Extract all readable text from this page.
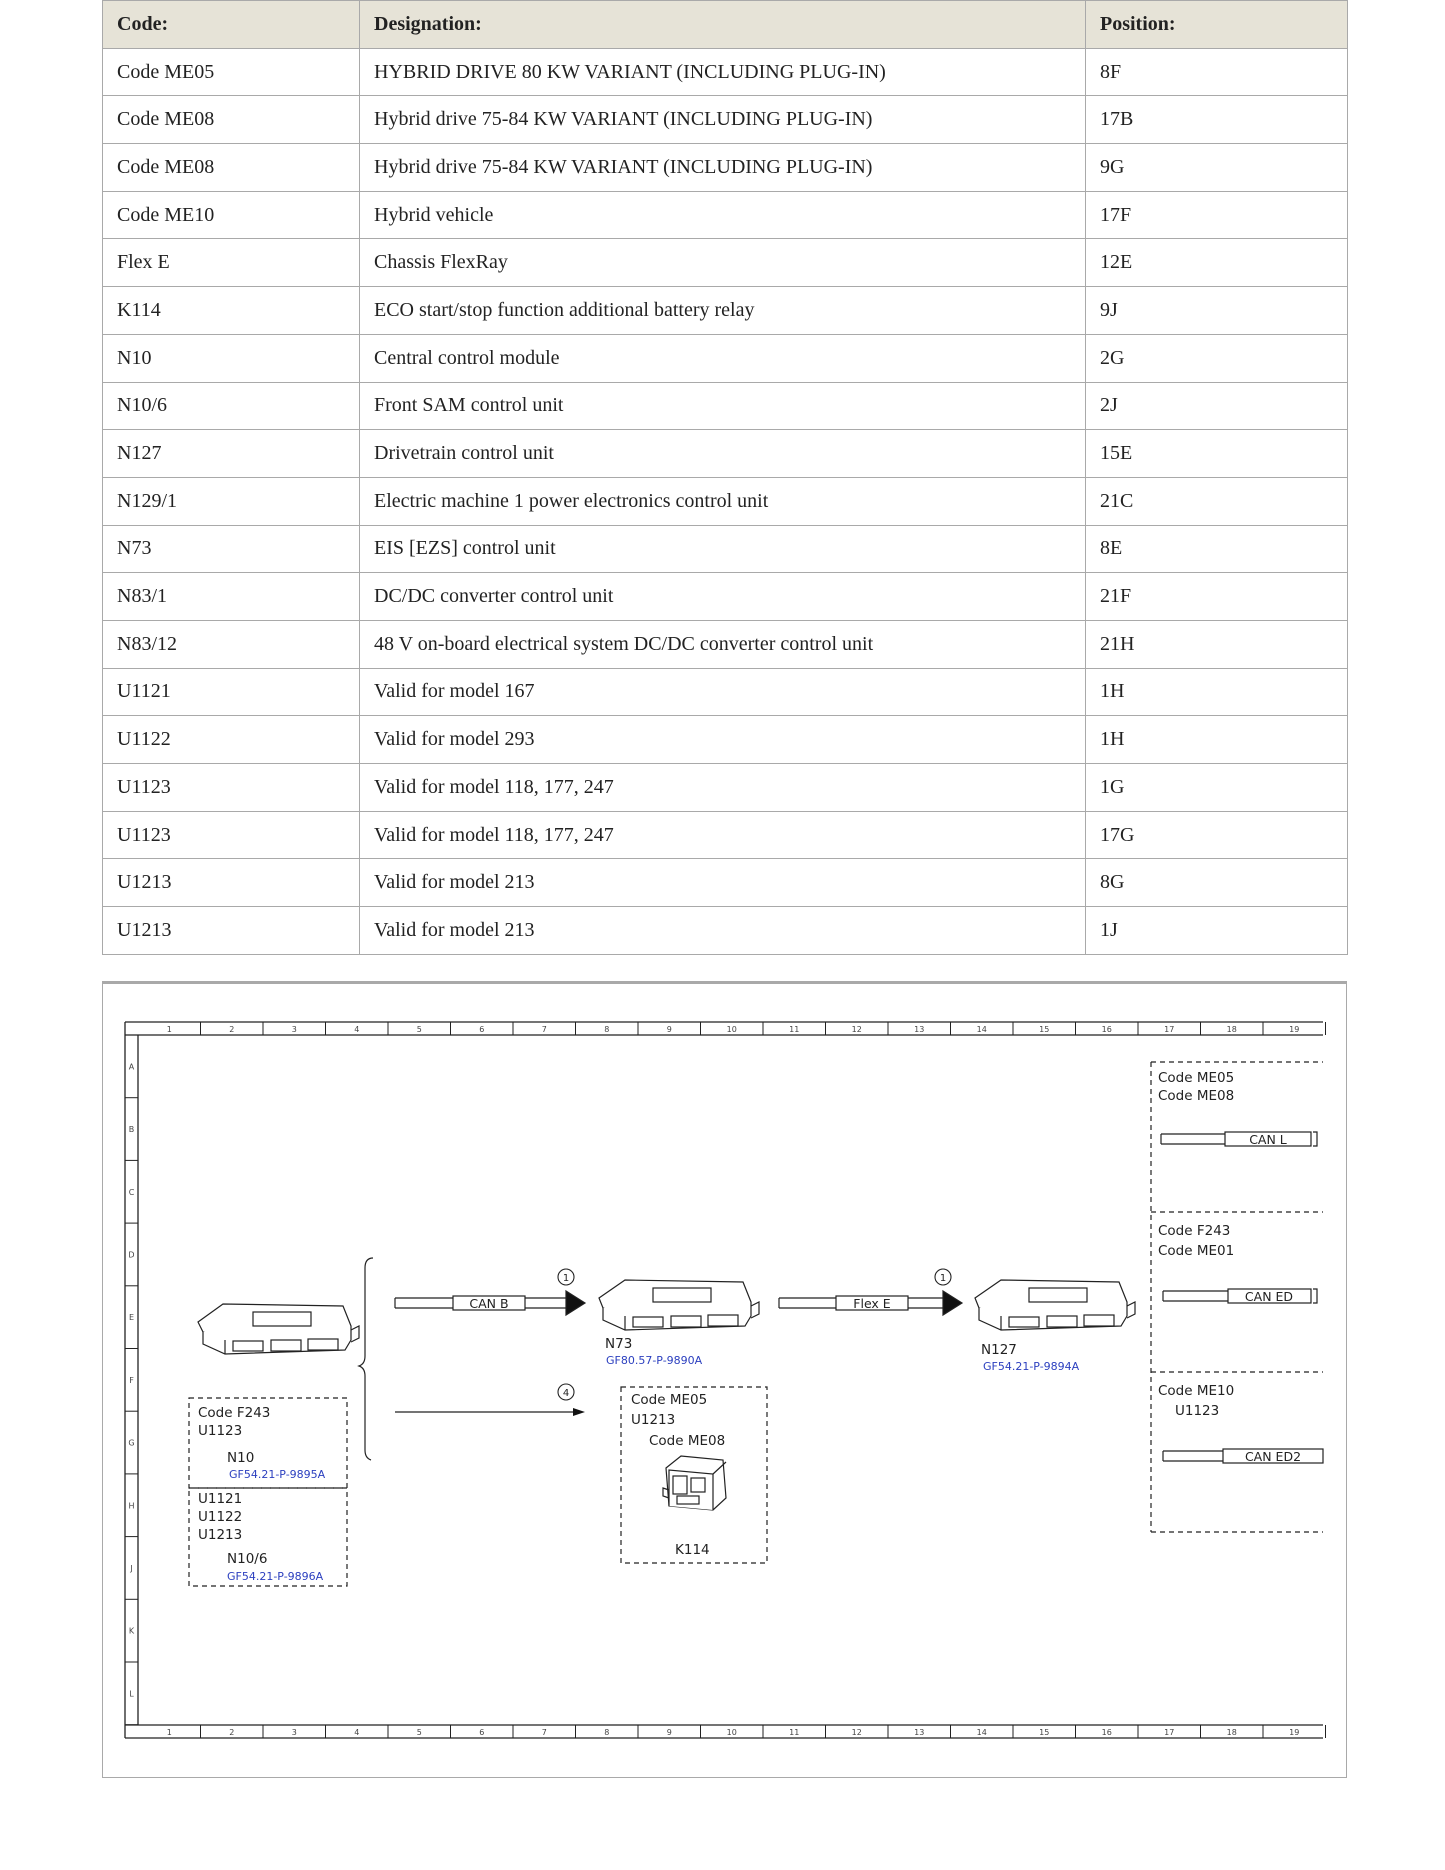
Code:	Designation:	Position:
Code ME05	HYBRID DRIVE 80 KW VARIANT (INCLUDING PLUG-IN)	8F
Code ME08	Hybrid drive 75-84 KW VARIANT (INCLUDING PLUG-IN)	17B
Code ME08	Hybrid drive 75-84 KW VARIANT (INCLUDING PLUG-IN)	9G
Code ME10	Hybrid vehicle	17F
Flex E	Chassis FlexRay	12E
K114	ECO start/stop function additional battery relay	9J
N10	Central control module	2G
N10/6	Front SAM control unit	2J
N127	Drivetrain control unit	15E
N129/1	Electric machine 1 power electronics control unit	21C
N73	EIS [EZS] control unit	8E
N83/1	DC/DC converter control unit	21F
N83/12	48 V on-board electrical system DC/DC converter control unit	21H
U1121	Valid for model 167	1H
U1122	Valid for model 293	1H
U1123	Valid for model 118, 177, 247	1G
U1123	Valid for model 118, 177, 247	17G
U1213	Valid for model 213	8G
U1213	Valid for model 213	1J
1
1
2
2
3
3
4
4
5
5
6
6
7
7
8
8
9
9
10
10
11
11
12
12
13
13
14
14
15
15
16
16
17
17
18
18
19
19
A
B
C
D
E
F
G
H
J
K
L
Code F243
U1123
N10
GF54.21-P-9895A
U1121
U1122
U1213
N10/6
GF54.21-P-9896A
CAN B
1
4
N73
GF80.57-P-9890A
Flex E
1
N127
GF54.21-P-9894A
Code ME05
U1213
Code ME08
K114
Code ME05
Code ME08
CAN L
Code F243
Code ME01
CAN ED
Code ME10
U1123
CAN ED2
